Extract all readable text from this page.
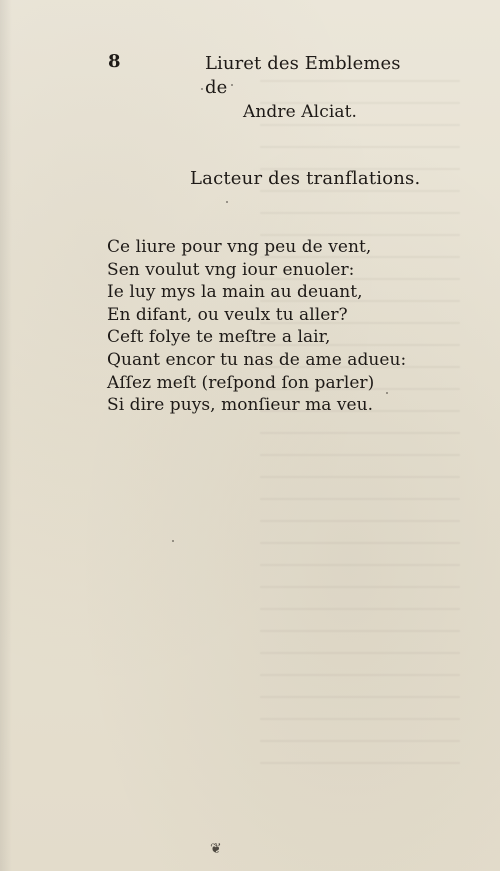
8	Liuret des Emblemes de
Andre Alciat.
Lacteur des tranflations.
Ce liure pour vng peu de vent,
Sen voulut vng iour enuoler:
Ie luy mys la main au deuant,
En difant, ou veulx tu aller?
Ceft folye te meſtre a lair,
Quant encor tu nas de ame adueu:
Aſſez meſt (reſpond ſon parler)
Si dire puys, monſieur ma veu.
❦
